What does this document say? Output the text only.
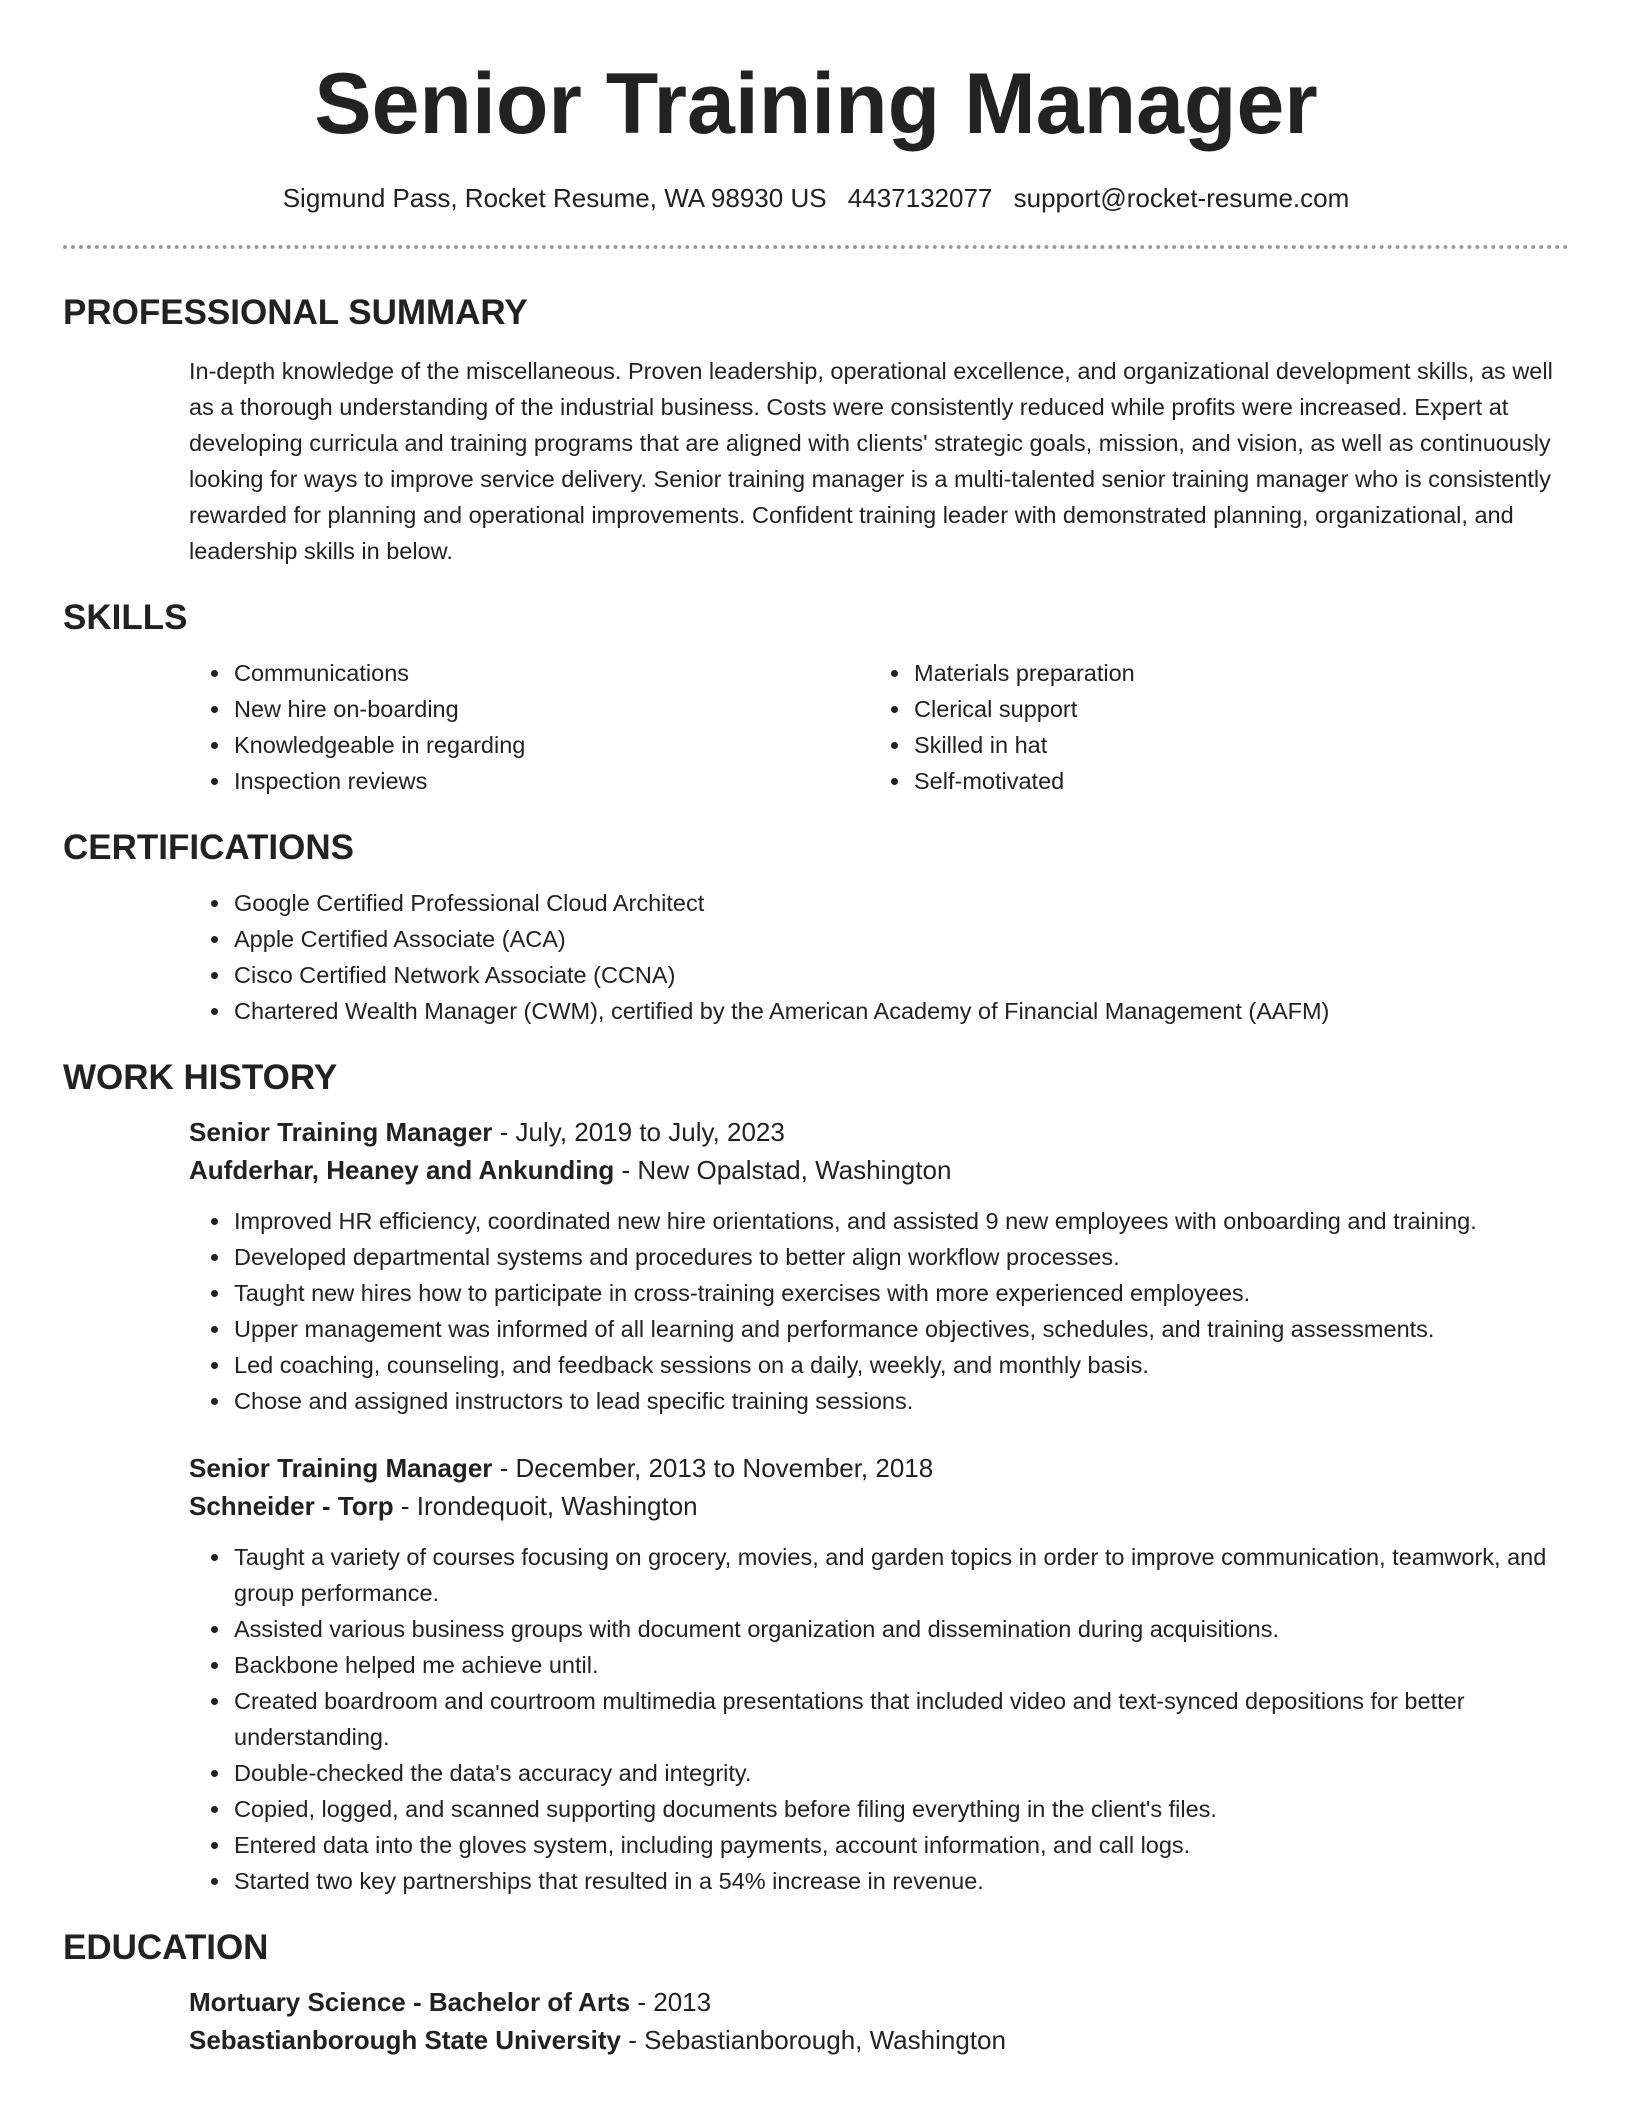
Senior Training Manager
Sigmund Pass, Rocket Resume, WA 98930 US 4437132077 support@rocket-resume.com
PROFESSIONAL SUMMARY

In-depth knowledge of the miscellaneous. Proven leadership, operational excellence, and organizational development skills, as well as a thorough understanding of the industrial business. Costs were consistently reduced while profits were increased. Expert at developing curricula and training programs that are aligned with clients' strategic goals, mission, and vision, as well as continuously looking for ways to improve service delivery. Senior training manager is a multi-talented senior training manager who is consistently rewarded for planning and operational improvements. Confident training leader with demonstrated planning, organizational, and leadership skills in below.

SKILLS
• Communications
• New hire on-boarding
• Knowledgeable in regarding
• Inspection reviews
• Materials preparation
• Clerical support
• Skilled in hat
• Self-motivated
CERTIFICATIONS
• Google Certified Professional Cloud Architect
• Apple Certified Associate (ACA)
• Cisco Certified Network Associate (CCNA)
• Chartered Wealth Manager (CWM), certified by the American Academy of Financial Management (AAFM)
WORK HISTORY

Senior Training Manager - July, 2019 to July, 2023

Aufderhar, Heaney and Ankunding - New Opalstad, Washington

• Improved HR efficiency, coordinated new hire orientations, and assisted 9 new employees with onboarding and training.
• Developed departmental systems and procedures to better align workflow processes.
• Taught new hires how to participate in cross-training exercises with more experienced employees.
• Upper management was informed of all learning and performance objectives, schedules, and training assessments.
• Led coaching, counseling, and feedback sessions on a daily, weekly, and monthly basis.
• Chose and assigned instructors to lead specific training sessions.

Senior Training Manager - December, 2013 to November, 2018

Schneider - Torp - Irondequoit, Washington

• Taught a variety of courses focusing on grocery, movies, and garden topics in order to improve communication, teamwork, and group performance.
• Assisted various business groups with document organization and dissemination during acquisitions.
• Backbone helped me achieve until.
• Created boardroom and courtroom multimedia presentations that included video and text-synced depositions for better understanding.
• Double-checked the data's accuracy and integrity.
• Copied, logged, and scanned supporting documents before filing everything in the client's files.
• Entered data into the gloves system, including payments, account information, and call logs.
• Started two key partnerships that resulted in a 54% increase in revenue.
EDUCATION

Mortuary Science - Bachelor of Arts - 2013

Sebastianborough State University - Sebastianborough, Washington
